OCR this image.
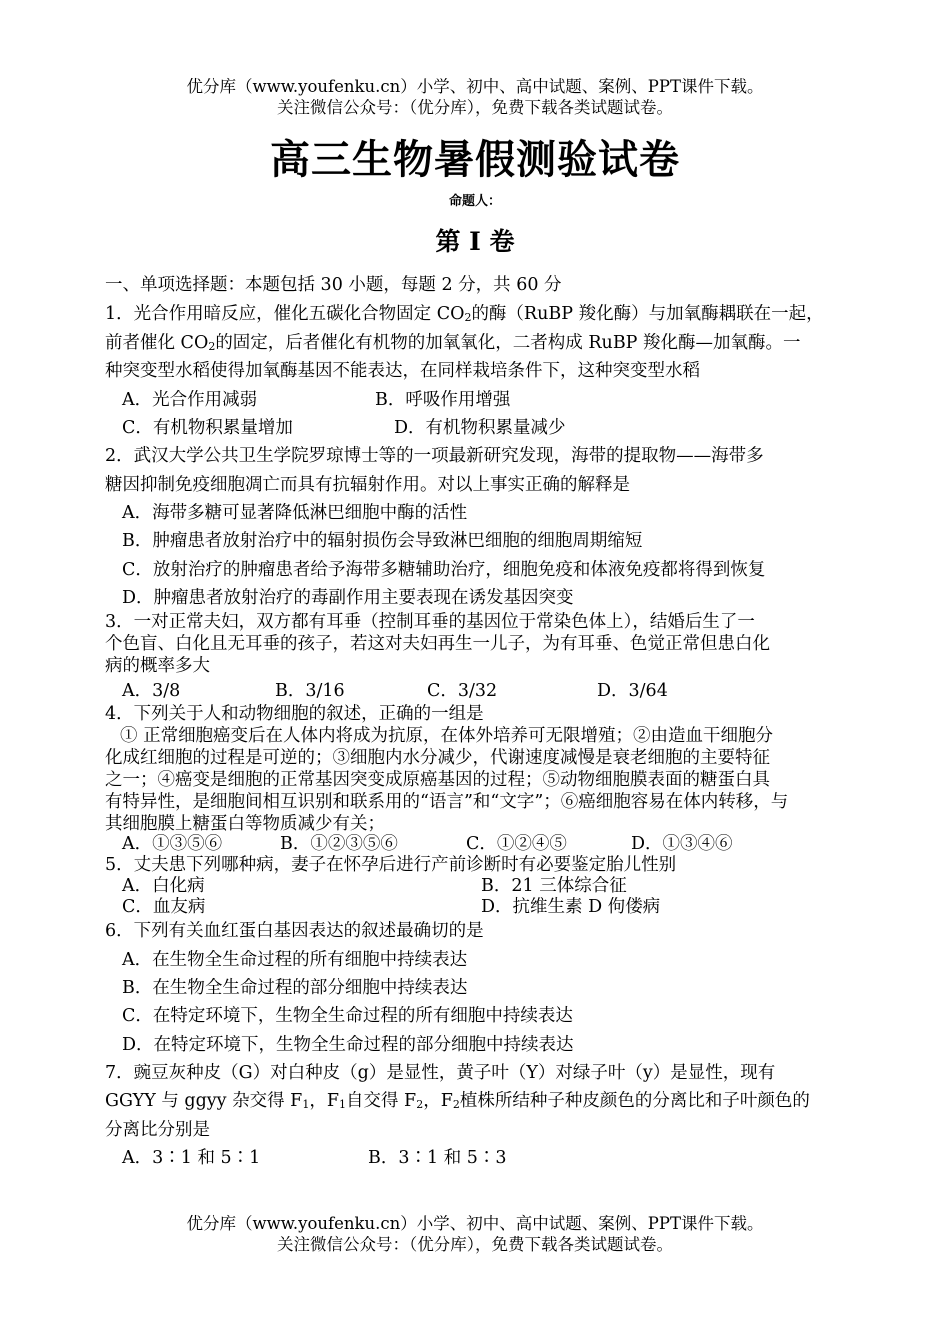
优分库（www.youfenku.cn）小学、初中、高中试题、案例、PPT课件下载。
关注微信公众号：（优分库），免费下载各类试题试卷。
高三生物暑假测验试卷
命题人：
第 I 卷
一、单项选择题：本题包括 30 小题，每题 2 分，共 60 分
1．光合作用暗反应，催化五碳化合物固定 $CO_2$的酶（RuBP 羧化酶）与加氧酶耦联在一起，
前者催化 $CO_2$的固定，后者催化有机物的加氧氧化，二者构成 RuBP 羧化酶—加氧酶。一
种突变型水稻使得加氧酶基因不能表达，在同样栽培条件下，这种突变型水稻
A．光合作用减弱	B．呼吸作用增强
C．有机物积累量增加	D．有机物积累量减少
2．武汉大学公共卫生学院罗琼博士等的一项最新研究发现，海带的提取物——海带多
糖因抑制免疫细胞凋亡而具有抗辐射作用。对以上事实正确的解释是
A．海带多糖可显著降低淋巴细胞中酶的活性
B．肿瘤患者放射治疗中的辐射损伤会导致淋巴细胞的细胞周期缩短
C．放射治疗的肿瘤患者给予海带多糖辅助治疗，细胞免疫和体液免疫都将得到恢复
D．肿瘤患者放射治疗的毒副作用主要表现在诱发基因突变
3．一对正常夫妇，双方都有耳垂（控制耳垂的基因位于常染色体上），结婚后生了一
个色盲、白化且无耳垂的孩子，若这对夫妇再生一儿子，为有耳垂、色觉正常但患白化
病的概率多大
A．3/8	B．3/16	C．3/32	D．3/64
4．下列关于人和动物细胞的叙述，正确的一组是
① 正常细胞癌变后在人体内将成为抗原，在体外培养可无限增殖；②由造血干细胞分
化成红细胞的过程是可逆的；③细胞内水分减少，代谢速度减慢是衰老细胞的主要特征
之一；④癌变是细胞的正常基因突变成原癌基因的过程；⑤动物细胞膜表面的糖蛋白具
有特异性，是细胞间相互识别和联系用的“语言”和“文字”；⑥癌细胞容易在体内转移，与
其细胞膜上糖蛋白等物质减少有关；
A．①③⑤⑥	B．①②③⑤⑥	C．①②④⑤	D．①③④⑥
5．丈夫患下列哪种病，妻子在怀孕后进行产前诊断时有必要鉴定胎儿性别
A．白化病	B．21 三体综合征
C．血友病	D．抗维生素 D 佝偻病
6．下列有关血红蛋白基因表达的叙述最确切的是
A．在生物全生命过程的所有细胞中持续表达
B．在生物全生命过程的部分细胞中持续表达
C．在特定环境下，生物全生命过程的所有细胞中持续表达
D．在特定环境下，生物全生命过程的部分细胞中持续表达
7．豌豆灰种皮（G）对白种皮（g）是显性，黄子叶（Y）对绿子叶（y）是显性，现有
GGYY 与 ggyy 杂交得 $F_1$，$F_1$自交得 $F_2$，$F_2$植株所结种子种皮颜色的分离比和子叶颜色的
分离比分别是
A．3∶1 和 5∶1	B．3∶1 和 5∶3
优分库（www.youfenku.cn）小学、初中、高中试题、案例、PPT课件下载。
关注微信公众号：（优分库），免费下载各类试题试卷。
